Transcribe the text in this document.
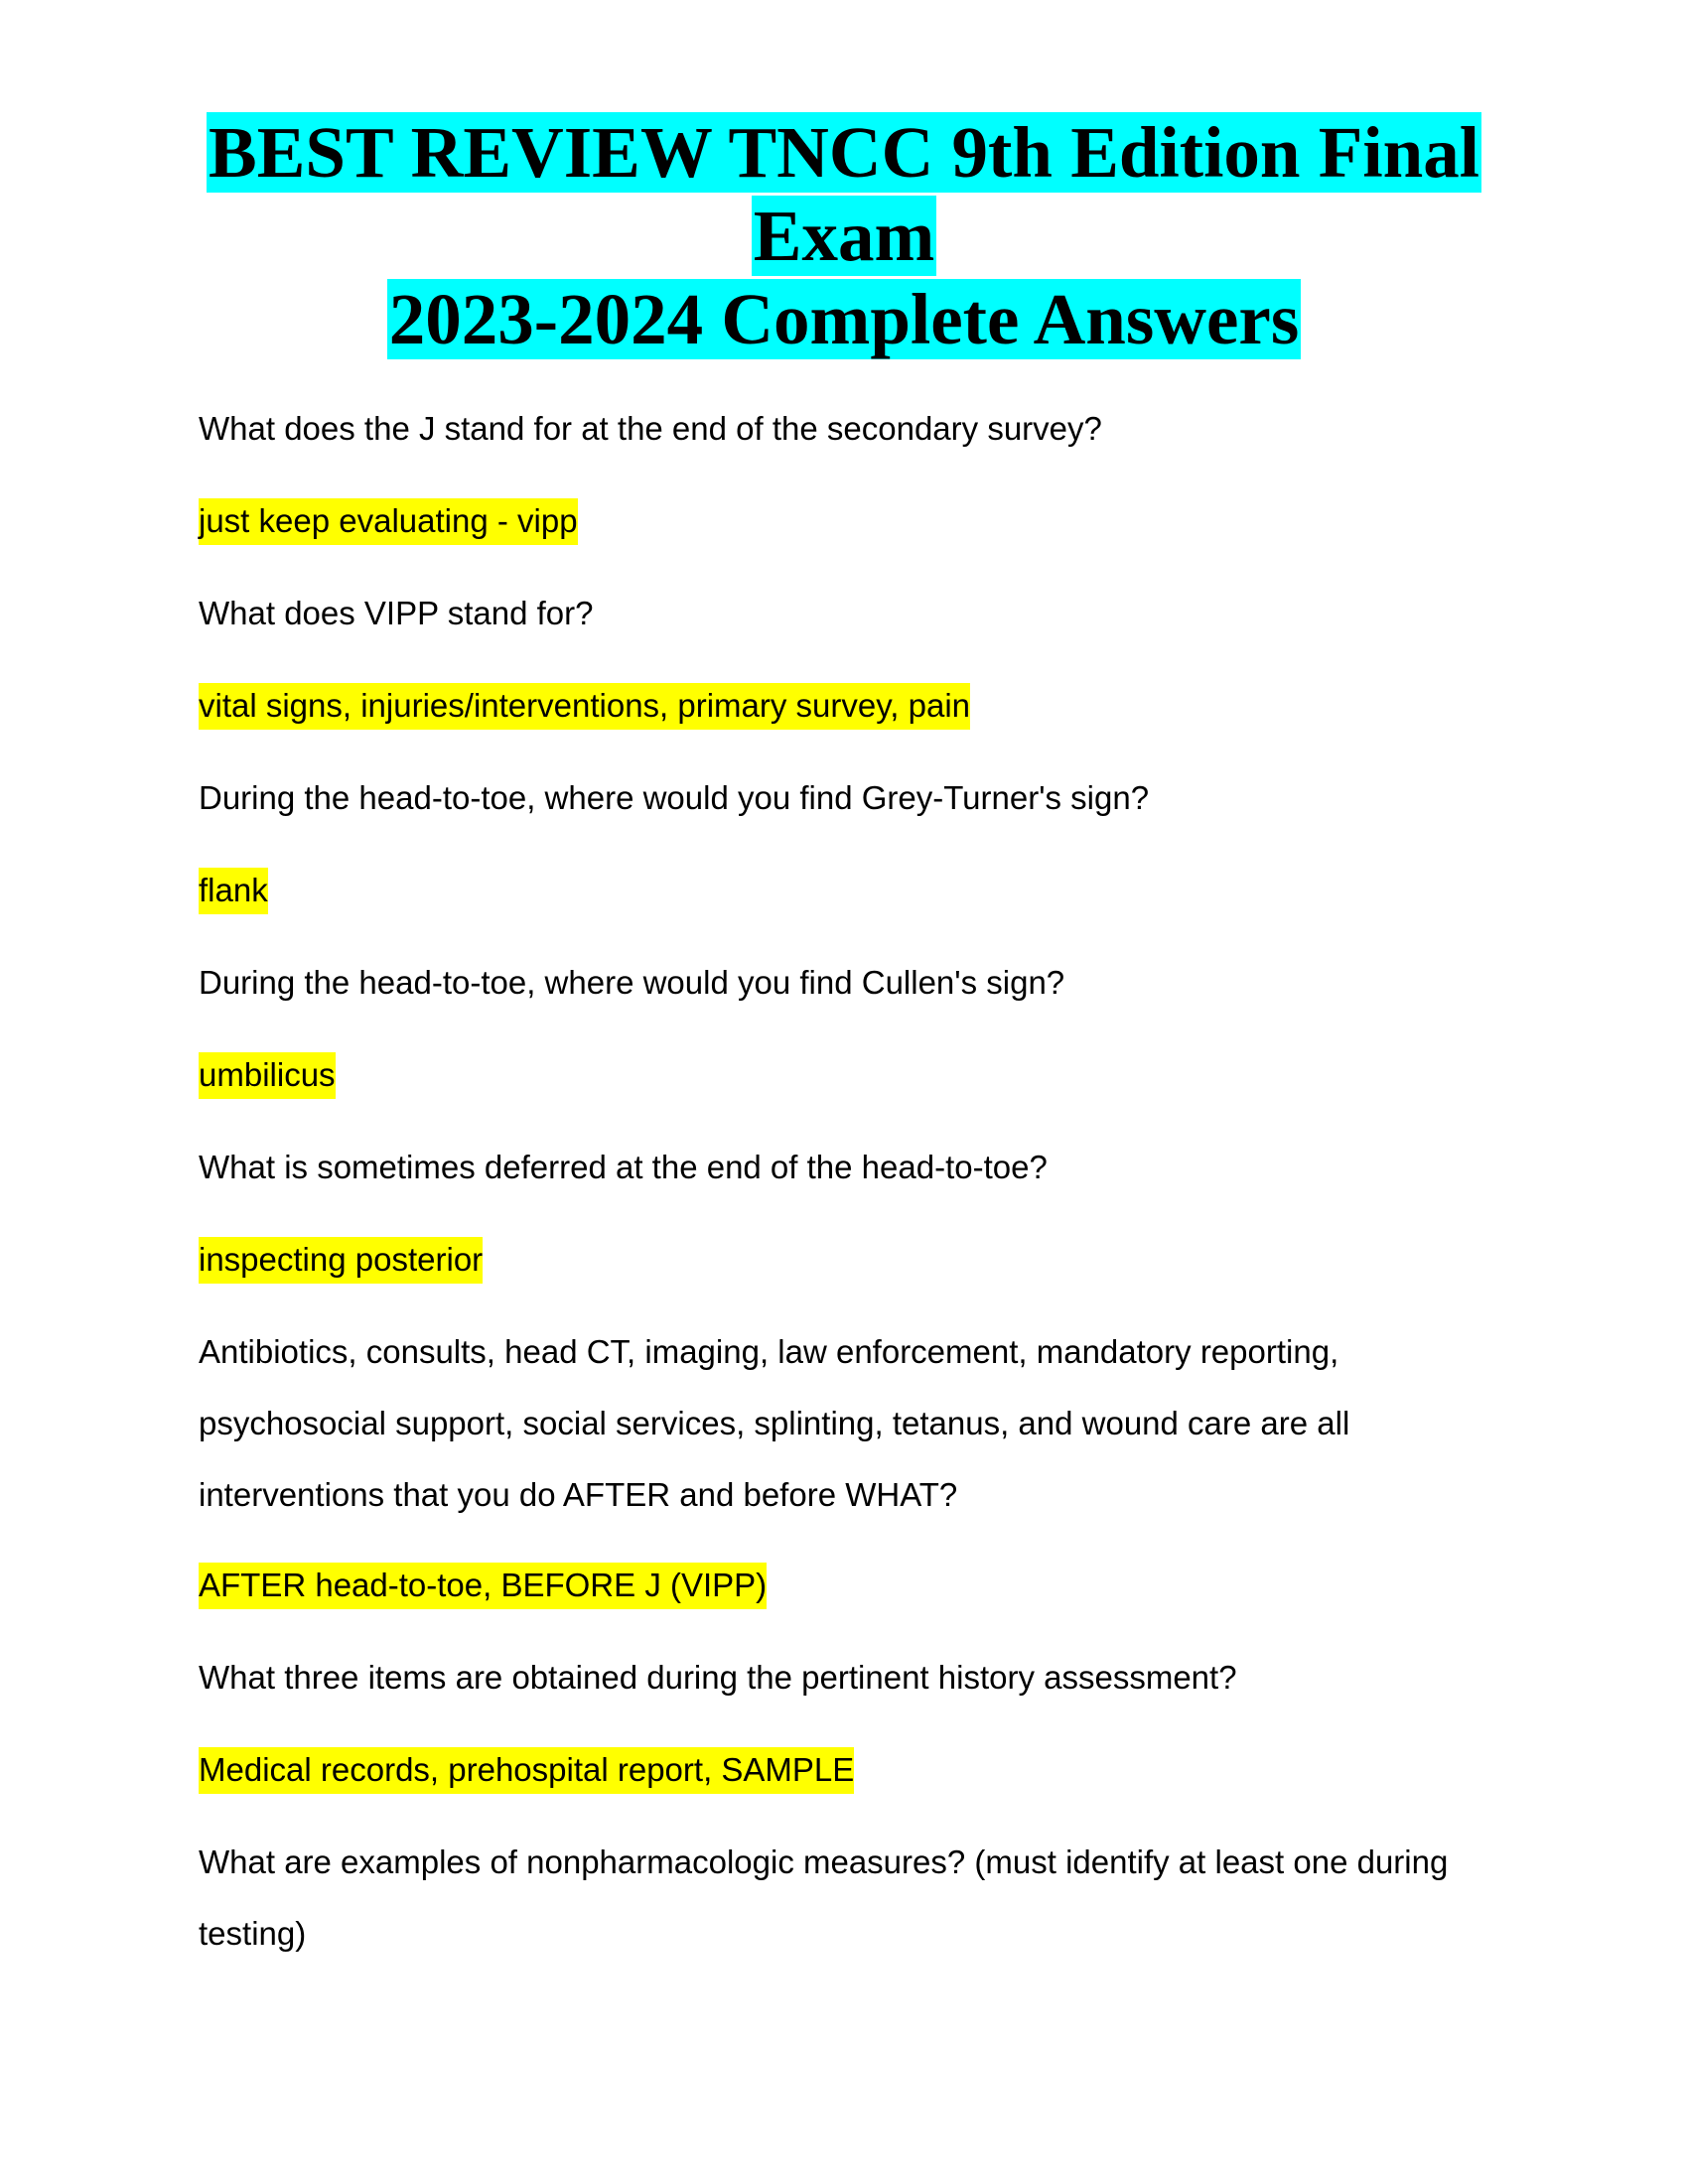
BEST REVIEW TNCC 9th Edition Final
Exam
2023-2024 Complete Answers

What does the J stand for at the end of the secondary survey?

just keep evaluating - vipp

What does VIPP stand for?

vital signs, injuries/interventions, primary survey, pain

During the head-to-toe, where would you find Grey-Turner's sign?

flank

During the head-to-toe, where would you find Cullen's sign?

umbilicus

What is sometimes deferred at the end of the head-to-toe?

inspecting posterior

Antibiotics, consults, head CT, imaging, law enforcement, mandatory reporting, psychosocial support, social services, splinting, tetanus, and wound care are all interventions that you do AFTER and before WHAT?

AFTER head-to-toe, BEFORE J (VIPP)

What three items are obtained during the pertinent history assessment?

Medical records, prehospital report, SAMPLE

What are examples of nonpharmacologic measures? (must identify at least one during testing)
